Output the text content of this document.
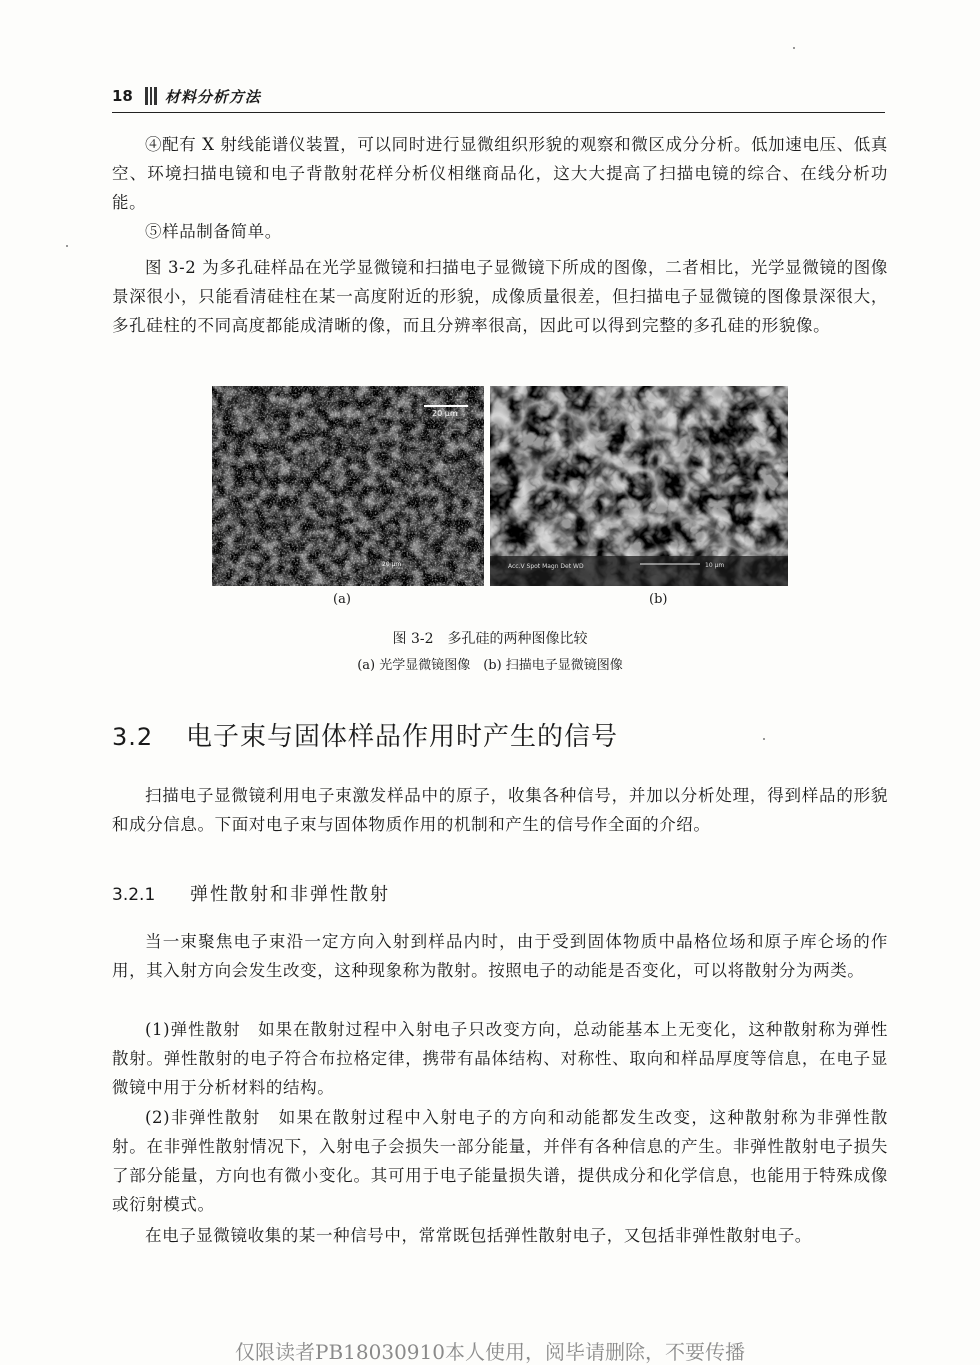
18 材料分析方法

④配有 X 射线能谱仪装置，可以同时进行显微组织形貌的观察和微区成分分析。低加速电压、低真空、环境扫描电镜和电子背散射花样分析仪相继商品化，这大大提高了扫描电镜的综合、在线分析功能。

⑤样品制备简单。

图 3-2 为多孔硅样品在光学显微镜和扫描电子显微镜下所成的图像，二者相比，光学显微镜的图像景深很小，只能看清硅柱在某一高度附近的形貌，成像质量很差，但扫描电子显微镜的图像景深很大，多孔硅柱的不同高度都能成清晰的像，而且分辨率很高，因此可以得到完整的多孔硅的形貌像。

20 μm
20 μm	Acc.V Spot Magn Det WD	10 μm
(a)	(b)
图 3-2　多孔硅的两种图像比较
(a) 光学显微镜图像　(b) 扫描电子显微镜图像
3.2 电子束与固体样品作用时产生的信号

扫描电子显微镜利用电子束激发样品中的原子，收集各种信号，并加以分析处理，得到样品的形貌和成分信息。下面对电子束与固体物质作用的机制和产生的信号作全面的介绍。

3.2.1 弹性散射和非弹性散射

当一束聚焦电子束沿一定方向入射到样品内时，由于受到固体物质中晶格位场和原子库仑场的作用，其入射方向会发生改变，这种现象称为散射。按照电子的动能是否变化，可以将散射分为两类。

(1)弹性散射　如果在散射过程中入射电子只改变方向，总动能基本上无变化，这种散射称为弹性散射。弹性散射的电子符合布拉格定律，携带有晶体结构、对称性、取向和样品厚度等信息，在电子显微镜中用于分析材料的结构。

(2)非弹性散射　如果在散射过程中入射电子的方向和动能都发生改变，这种散射称为非弹性散射。在非弹性散射情况下，入射电子会损失一部分能量，并伴有各种信息的产生。非弹性散射电子损失了部分能量，方向也有微小变化。其可用于电子能量损失谱，提供成分和化学信息，也能用于特殊成像或衍射模式。

在电子显微镜收集的某一种信号中，常常既包括弹性散射电子，又包括非弹性散射电子。

仅限读者PB18030910本人使用，阅毕请删除，不要传播
